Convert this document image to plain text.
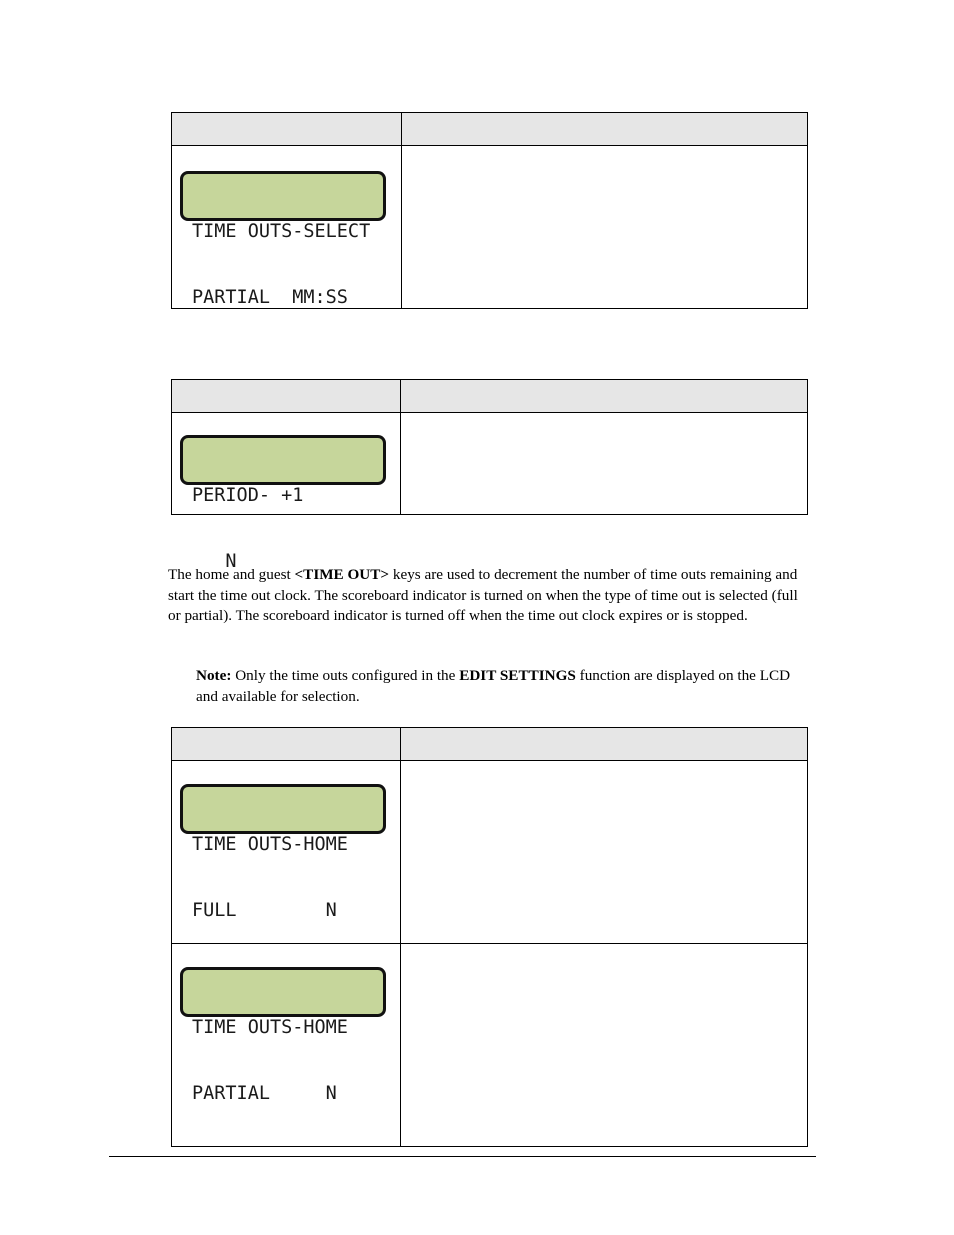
TIME OUTS-SELECT

PARTIAL  MM:SS	

PERIOD- +1

N	

The home and guest <TIME OUT> keys are used to decrement the number of time outs remaining and start the time out clock. The scoreboard indicator is turned on when the type of time out is selected (full or partial). The scoreboard indicator is turned off when the time out clock expires or is stopped.
Note: Only the time outs configured in the EDIT SETTINGS function are displayed on the LCD and available for selection.

TIME OUTS-HOME

FULL        N	

TIME OUTS-HOME

PARTIAL     N	
